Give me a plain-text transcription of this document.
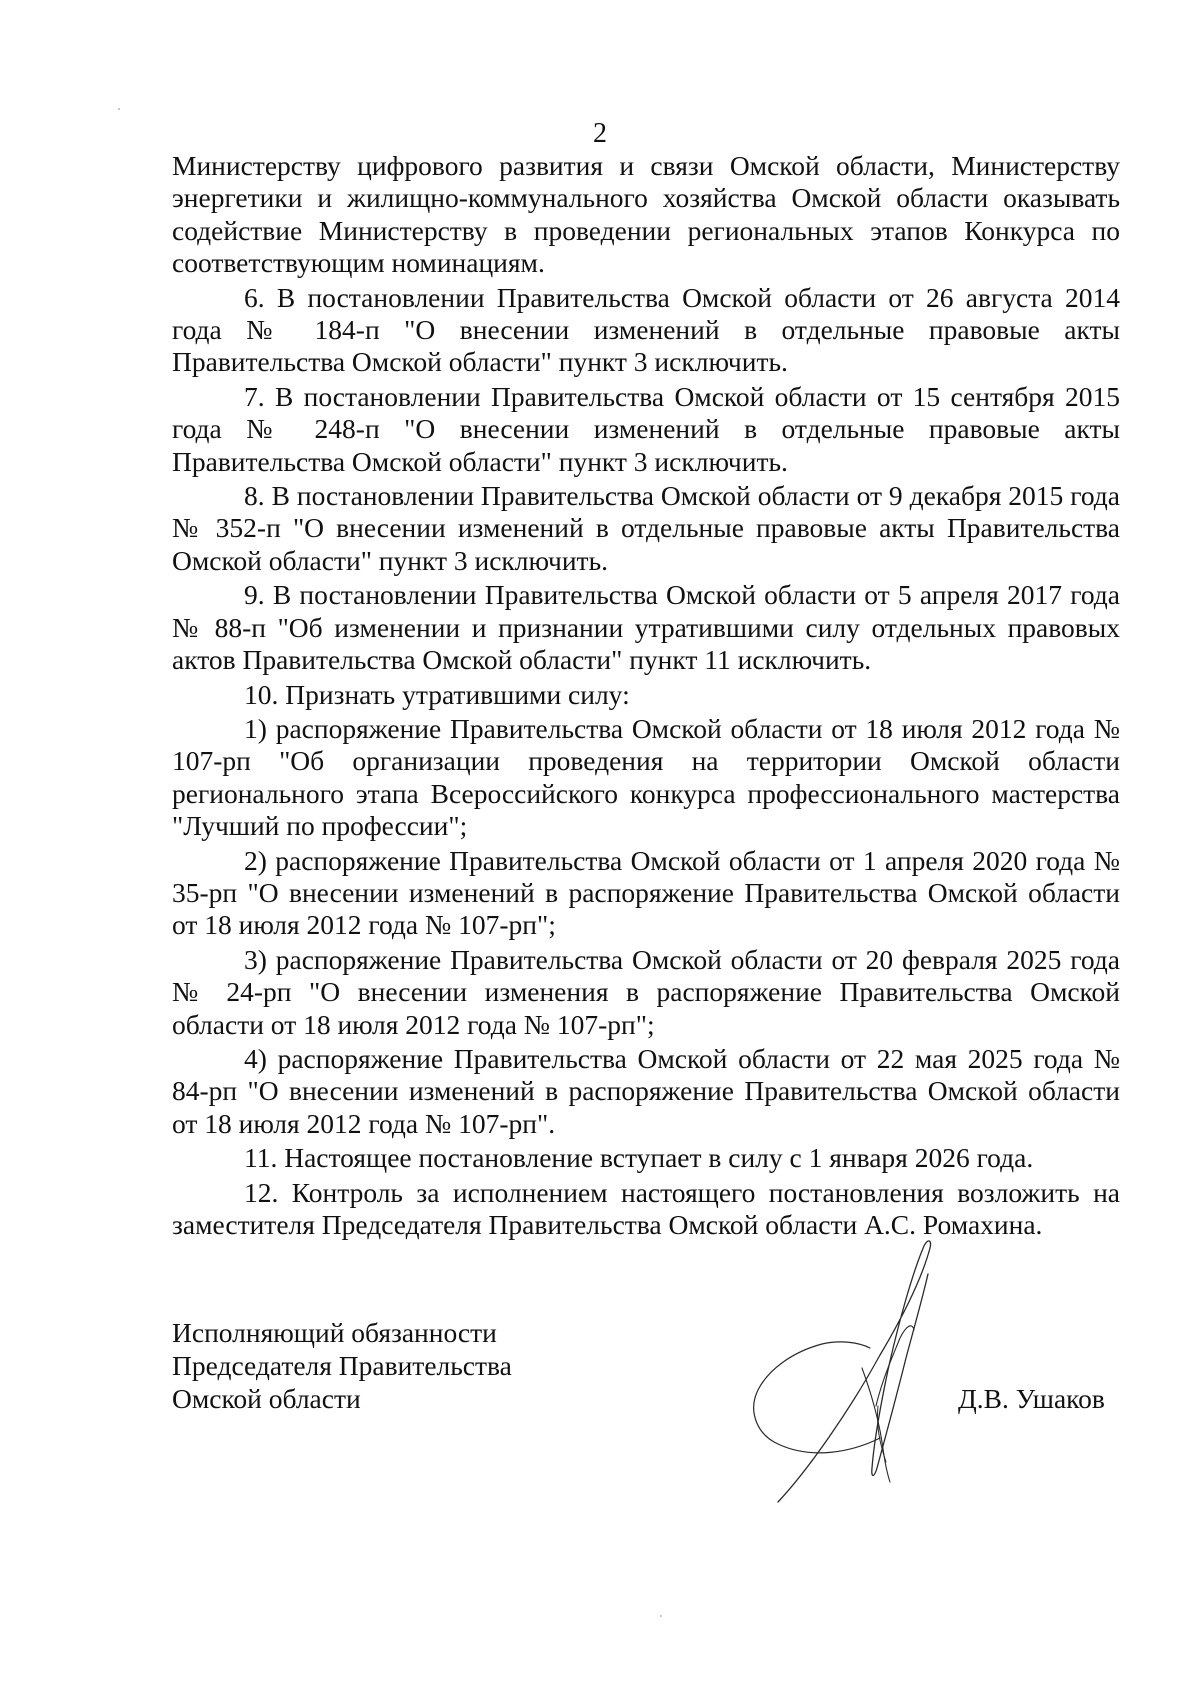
2

Министерству цифрового развития и связи Омской области, Министерству энергетики и жилищно-коммунального хозяйства Омской области оказывать содействие Министерству в проведении региональных этапов Конкурса по соответствующим номинациям.

6. В постановлении Правительства Омской области от 26 августа 2014 года № 184-п "О внесении изменений в отдельные правовые акты Правительства Омской области" пункт 3 исключить.

7. В постановлении Правительства Омской области от 15 сентября 2015 года № 248-п "О внесении изменений в отдельные правовые акты Правительства Омской области" пункт 3 исключить.

8. В постановлении Правительства Омской области от 9 декабря 2015 года № 352-п "О внесении изменений в отдельные правовые акты Правительства Омской области" пункт 3 исключить.

9. В постановлении Правительства Омской области от 5 апреля 2017 года № 88-п "Об изменении и признании утратившими силу отдельных правовых актов Правительства Омской области" пункт 11 исключить.

10. Признать утратившими силу:

1) распоряжение Правительства Омской области от 18 июля 2012 года № 107-рп "Об организации проведения на территории Омской области регионального этапа Всероссийского конкурса профессионального мастерства "Лучший по профессии";

2) распоряжение Правительства Омской области от 1 апреля 2020 года № 35-рп "О внесении изменений в распоряжение Правительства Омской области от 18 июля 2012 года № 107-рп";

3) распоряжение Правительства Омской области от 20 февраля 2025 года № 24-рп "О внесении изменения в распоряжение Правительства Омской области от 18 июля 2012 года № 107-рп";

4) распоряжение Правительства Омской области от 22 мая 2025 года № 84-рп "О внесении изменений в распоряжение Правительства Омской области от 18 июля 2012 года № 107-рп".

11. Настоящее постановление вступает в силу с 1 января 2026 года.

12. Контроль за исполнением настоящего постановления возложить на заместителя Председателя Правительства Омской области А.С. Ромахина.

Исполняющий обязанности
Председателя Правительства
Омской области	Д.В. Ушаков
